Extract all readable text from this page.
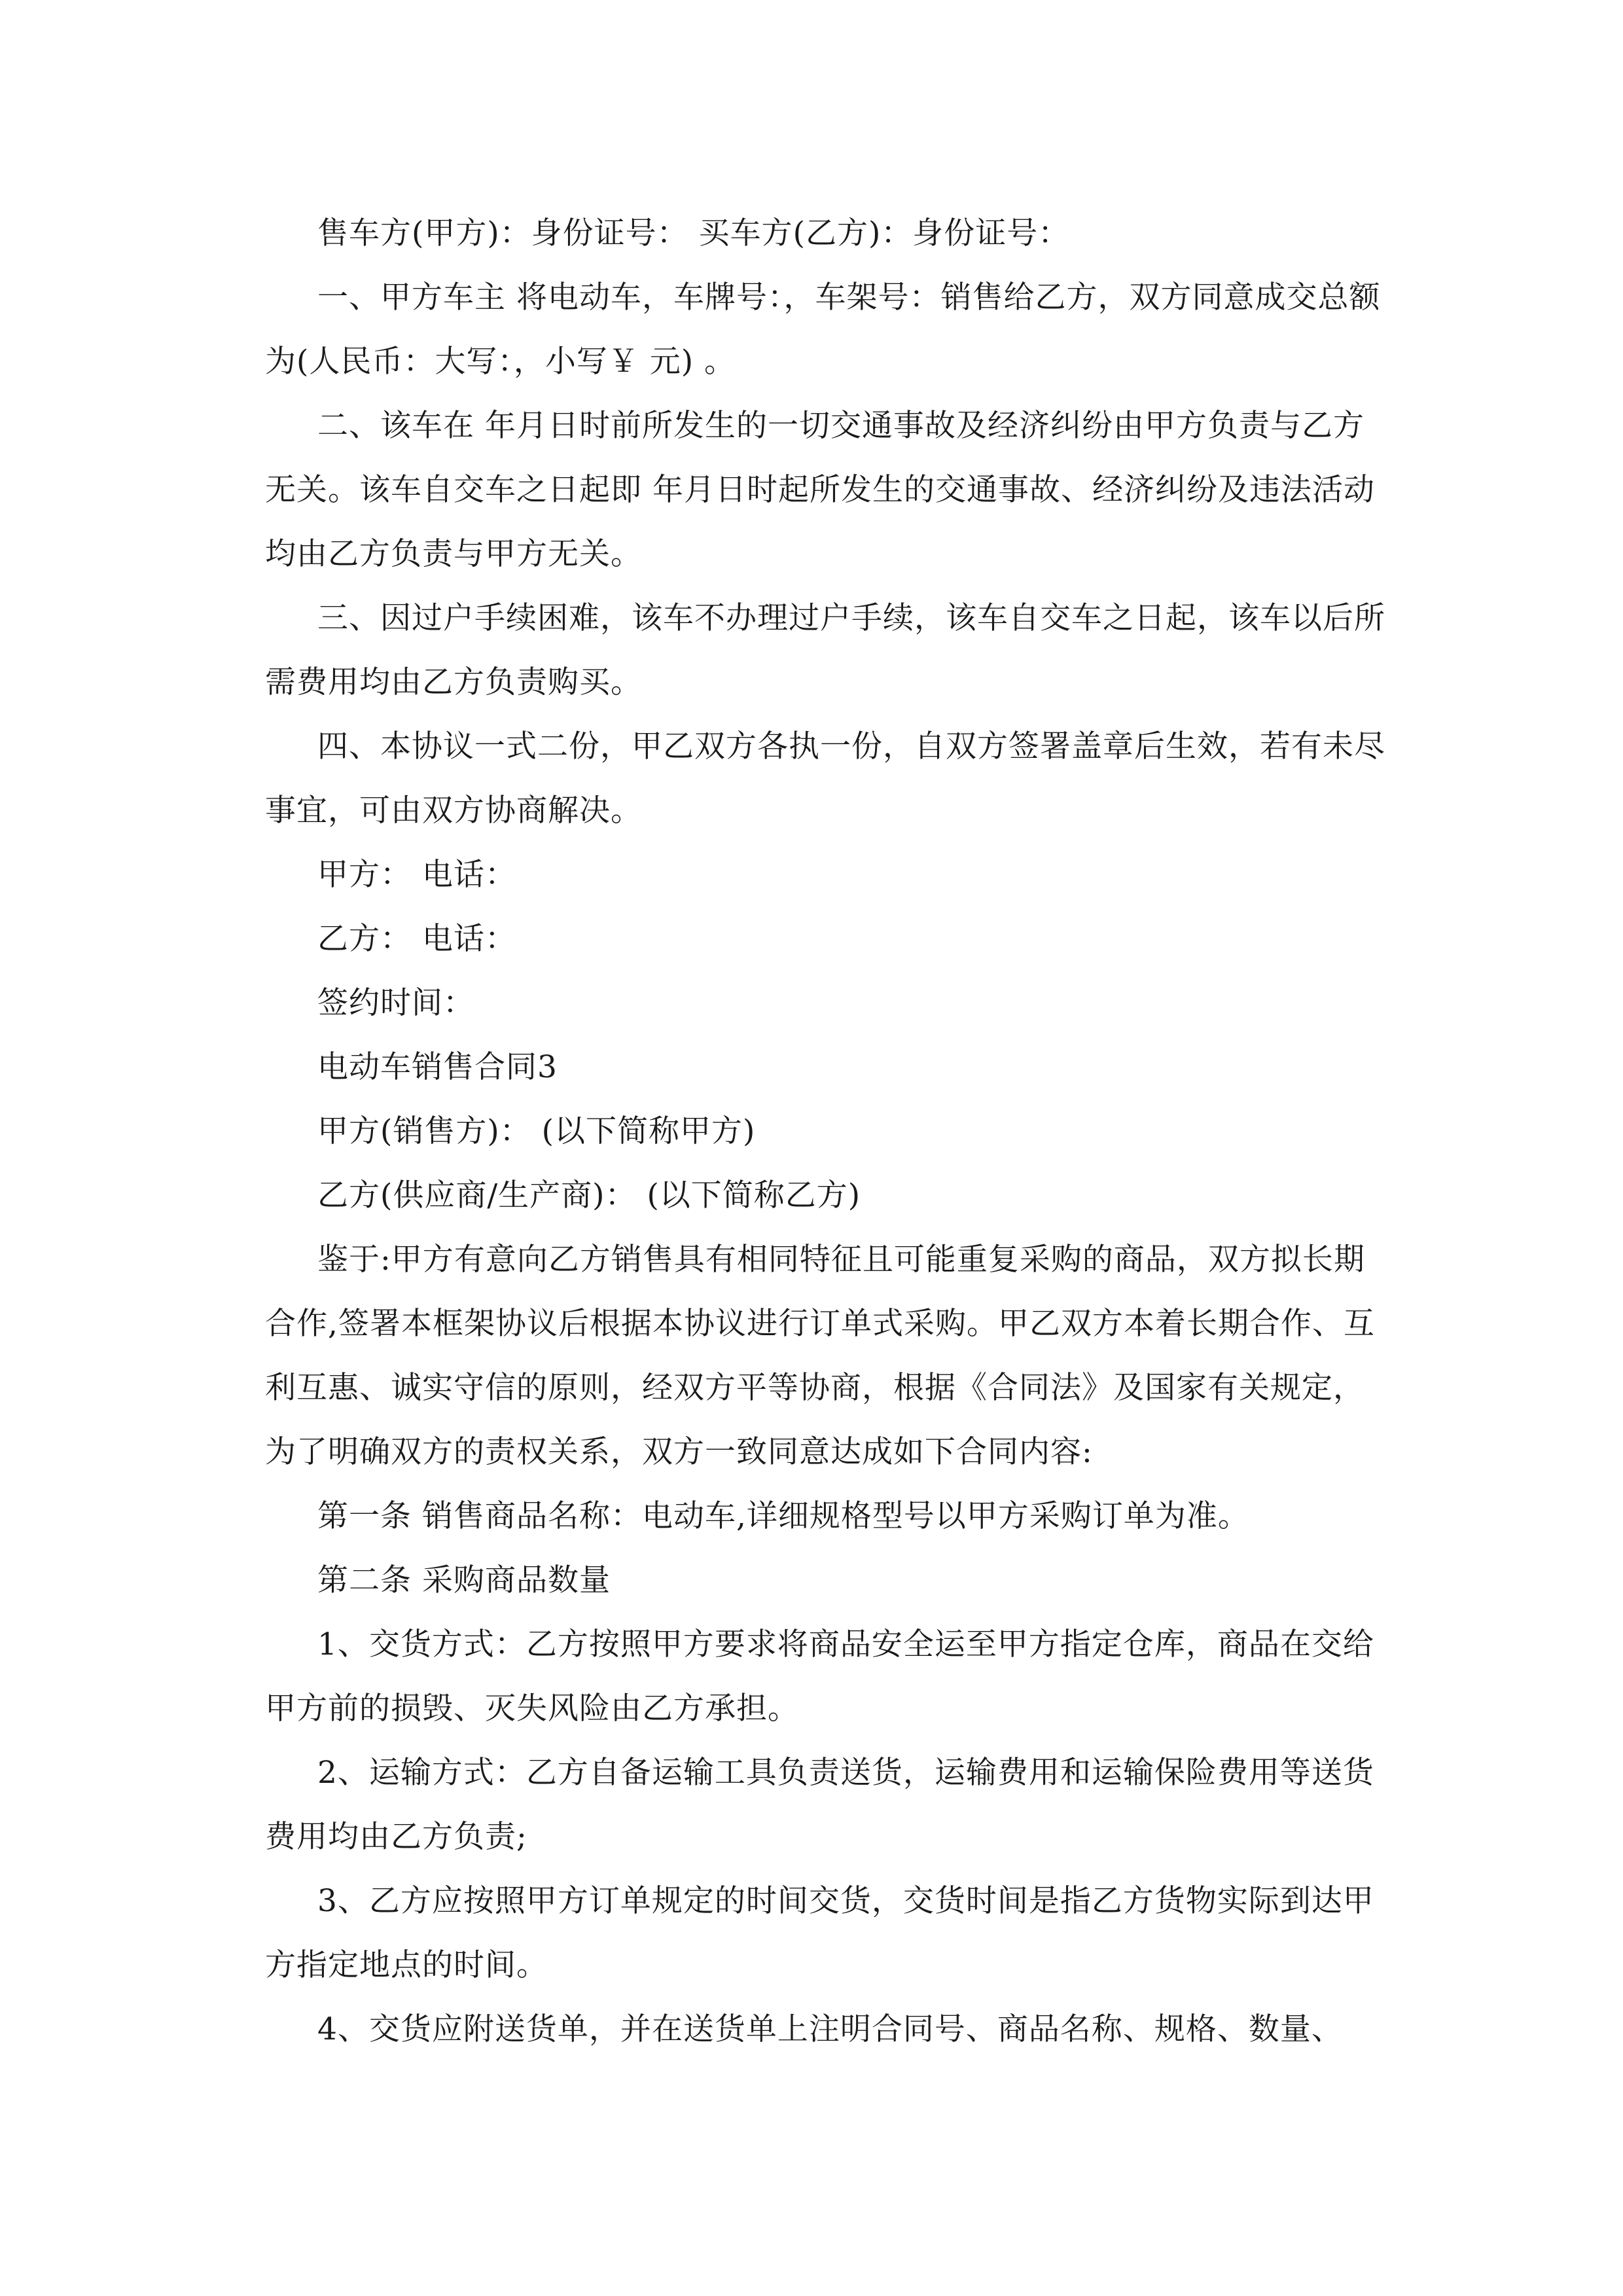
售车方(甲方)：身份证号： 买车方(乙方)：身份证号：

一、甲方车主 将电动车，车牌号：，车架号：销售给乙方，双方同意成交总额为(人民币：大写：，小写￥ 元) 。

二、该车在 年月日时前所发生的一切交通事故及经济纠纷由甲方负责与乙方无关。该车自交车之日起即 年月日时起所发生的交通事故、经济纠纷及违法活动均由乙方负责与甲方无关。

三、因过户手续困难，该车不办理过户手续，该车自交车之日起，该车以后所需费用均由乙方负责购买。

四、本协议一式二份，甲乙双方各执一份，自双方签署盖章后生效，若有未尽事宜，可由双方协商解决。

甲方： 电话：

乙方： 电话：

签约时间：

电动车销售合同3

甲方(销售方)： (以下简称甲方)

乙方(供应商/生产商)： (以下简称乙方)

鉴于:甲方有意向乙方销售具有相同特征且可能重复采购的商品，双方拟长期合作,签署本框架协议后根据本协议进行订单式采购。甲乙双方本着长期合作、互利互惠、诚实守信的原则，经双方平等协商，根据《合同法》及国家有关规定，为了明确双方的责权关系，双方一致同意达成如下合同内容:

第一条 销售商品名称：电动车,详细规格型号以甲方采购订单为准。

第二条 采购商品数量

1、交货方式：乙方按照甲方要求将商品安全运至甲方指定仓库，商品在交给甲方前的损毁、灭失风险由乙方承担。

2、运输方式：乙方自备运输工具负责送货，运输费用和运输保险费用等送货费用均由乙方负责;

3、乙方应按照甲方订单规定的时间交货，交货时间是指乙方货物实际到达甲方指定地点的时间。

4、交货应附送货单，并在送货单上注明合同号、商品名称、规格、数量、
